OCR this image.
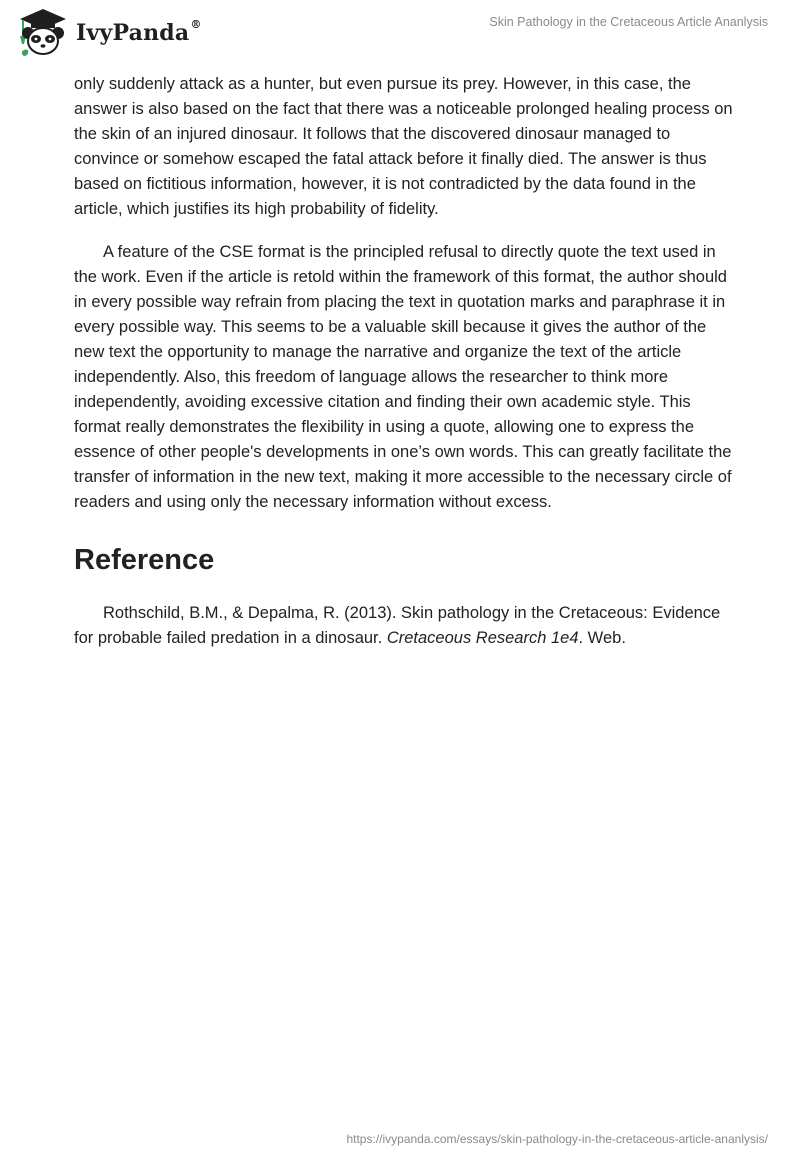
IvyPanda®	Skin Pathology in the Cretaceous Article Ananlysis

only suddenly attack as a hunter, but even pursue its prey. However, in this case, the answer is also based on the fact that there was a noticeable prolonged healing process on the skin of an injured dinosaur. It follows that the discovered dinosaur managed to convince or somehow escaped the fatal attack before it finally died. The answer is thus based on fictitious information, however, it is not contradicted by the data found in the article, which justifies its high probability of fidelity.

A feature of the CSE format is the principled refusal to directly quote the text used in the work. Even if the article is retold within the framework of this format, the author should in every possible way refrain from placing the text in quotation marks and paraphrase it in every possible way. This seems to be a valuable skill because it gives the author of the new text the opportunity to manage the narrative and organize the text of the article independently. Also, this freedom of language allows the researcher to think more independently, avoiding excessive citation and finding their own academic style. This format really demonstrates the flexibility in using a quote, allowing one to express the essence of other people's developments in one’s own words. This can greatly facilitate the transfer of information in the new text, making it more accessible to the necessary circle of readers and using only the necessary information without excess.

Reference

Rothschild, B.M., & Depalma, R. (2013). Skin pathology in the Cretaceous: Evidence for probable failed predation in a dinosaur. Cretaceous Research 1e4. Web.

https://ivypanda.com/essays/skin-pathology-in-the-cretaceous-article-ananlysis/
